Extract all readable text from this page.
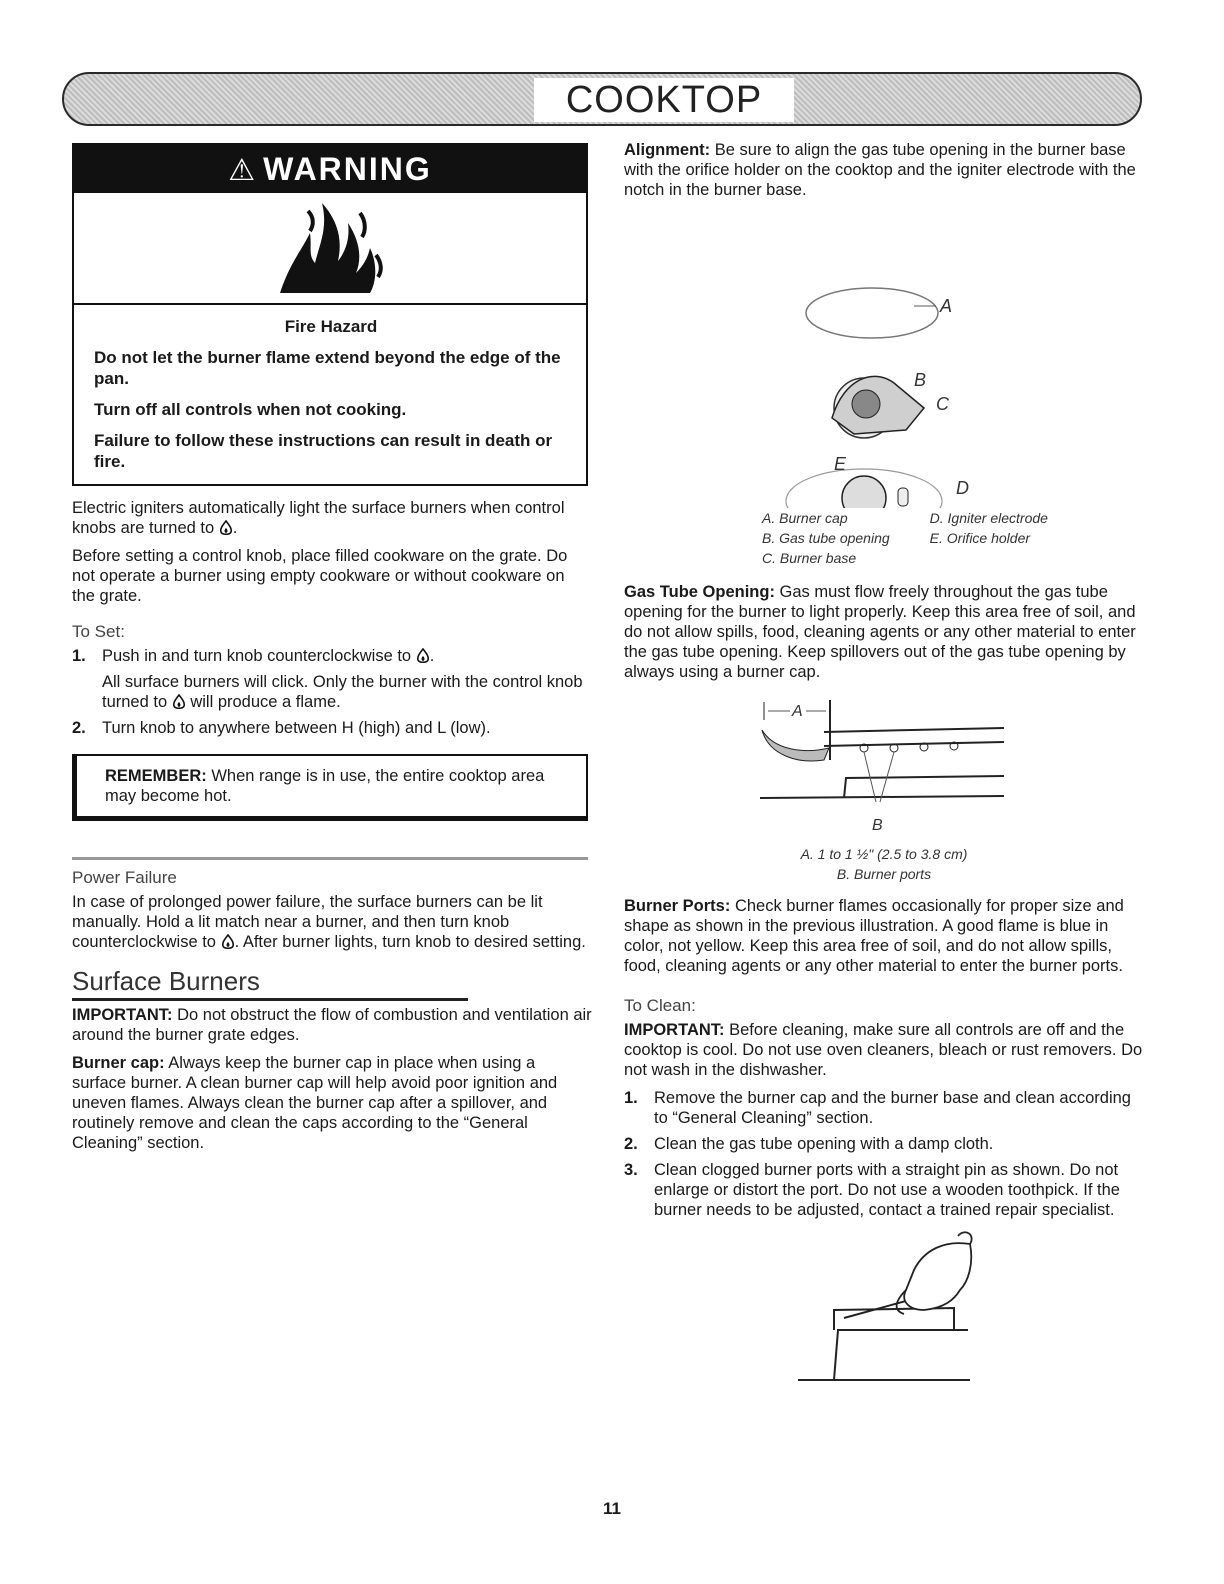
COOKTOP
⚠ WARNING
Fire Hazard
Do not let the burner flame extend beyond the edge of the pan.
Turn off all controls when not cooking.
Failure to follow these instructions can result in death or fire.

Electric igniters automatically light the surface burners when control knobs are turned to .

Before setting a control knob, place filled cookware on the grate. Do not operate a burner using empty cookware or without cookware on the grate.

To Set:
1. Push in and turn knob counterclockwise to .
All surface burners will click. Only the burner with the control knob turned to will produce a flame.
2. Turn knob to anywhere between H (high) and L (low).
REMEMBER: When range is in use, the entire cooktop area may become hot.
Power Failure

In case of prolonged power failure, the surface burners can be lit manually. Hold a lit match near a burner, and then turn knob counterclockwise to . After burner lights, turn knob to desired setting.

Surface Burners

IMPORTANT: Do not obstruct the flow of combustion and ventilation air around the burner grate edges.

Burner cap: Always keep the burner cap in place when using a surface burner. A clean burner cap will help avoid poor ignition and uneven flames. Always clean the burner cap after a spillover, and routinely remove and clean the caps according to the “General Cleaning” section.

Alignment: Be sure to align the gas tube opening in the burner base with the orifice holder on the cooktop and the igniter electrode with the notch in the burner base.

A
B
C
E
D
A. Burner cap
B. Gas tube opening
C. Burner base

D. Igniter electrode
E. Orifice holder

Gas Tube Opening: Gas must flow freely throughout the gas tube opening for the burner to light properly. Keep this area free of soil, and do not allow spills, food, cleaning agents or any other material to enter the gas tube opening. Keep spillovers out of the gas tube opening by always using a burner cap.

A
B
A. 1 to 1 ½" (2.5 to 3.8 cm)
B. Burner ports

Burner Ports: Check burner flames occasionally for proper size and shape as shown in the previous illustration. A good flame is blue in color, not yellow. Keep this area free of soil, and do not allow spills, food, cleaning agents or any other material to enter the burner ports.

To Clean:

IMPORTANT: Before cleaning, make sure all controls are off and the cooktop is cool. Do not use oven cleaners, bleach or rust removers. Do not wash in the dishwasher.

1. Remove the burner cap and the burner base and clean according to “General Cleaning” section.
2. Clean the gas tube opening with a damp cloth.
3. Clean clogged burner ports with a straight pin as shown. Do not enlarge or distort the port. Do not use a wooden toothpick. If the burner needs to be adjusted, contact a trained repair specialist.
11
